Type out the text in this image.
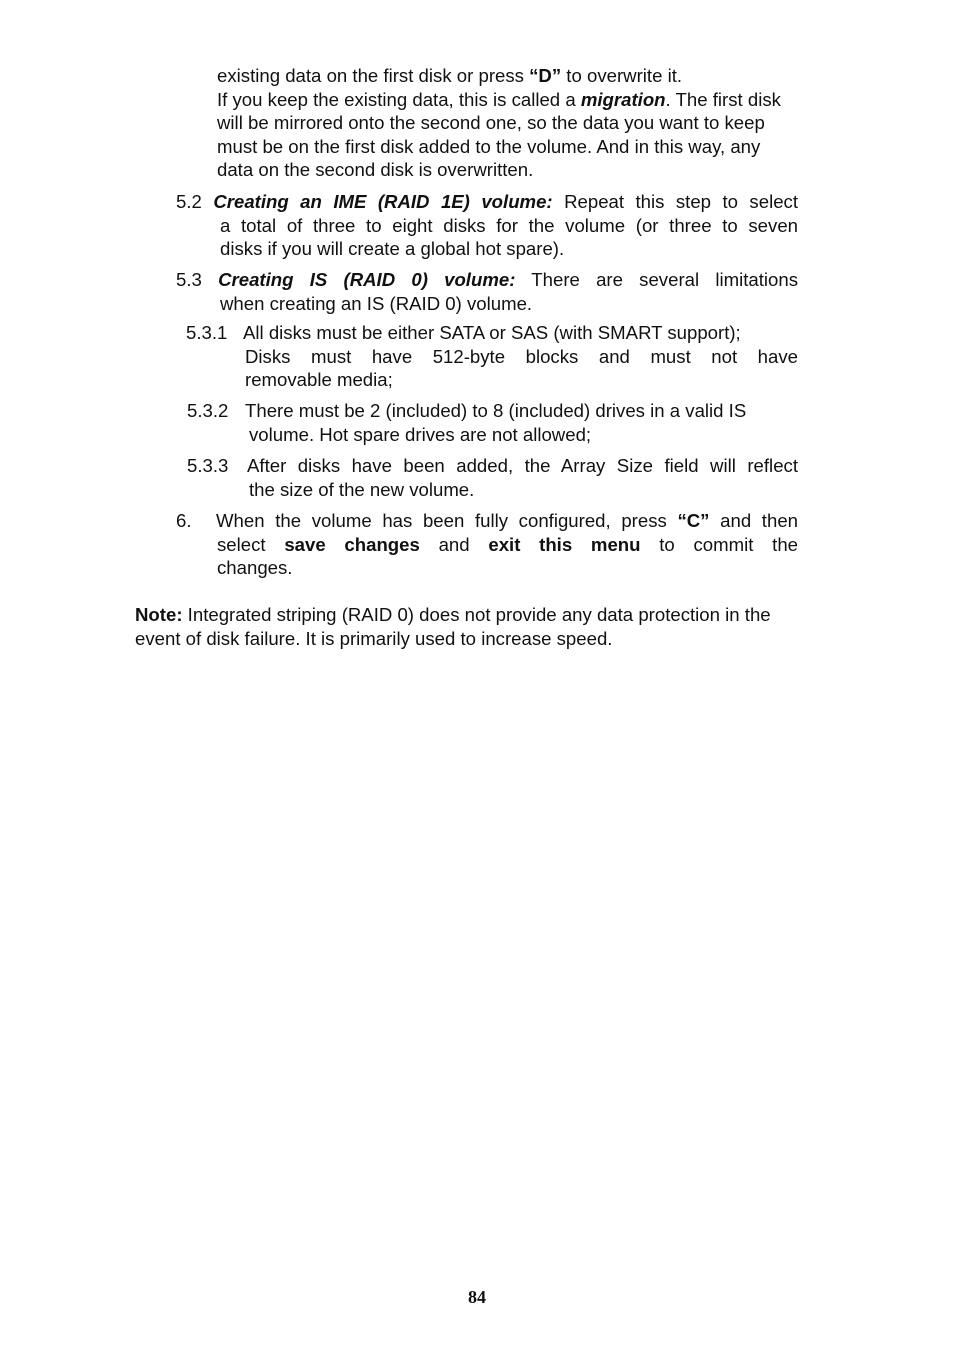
existing data on the first disk or press “D” to overwrite it.
If you keep the existing data, this is called a migration. The first disk
will be mirrored onto the second one, so the data you want to keep
must be on the first disk added to the volume. And in this way, any
data on the second disk is overwritten.
5.2 Creating an IME (RAID 1E) volume: Repeat this step to select
a total of three to eight disks for the volume (or three to seven
disks if you will create a global hot spare).
5.3 Creating IS (RAID 0) volume: There are several limitations
when creating an IS (RAID 0) volume.
5.3.1 All disks must be either SATA or SAS (with SMART support);
Disks must have 512-byte blocks and must not have
removable media;
5.3.2 There must be 2 (included) to 8 (included) drives in a valid IS
volume. Hot spare drives are not allowed;
5.3.3 After disks have been added, the Array Size field will reflect
the size of the new volume.
6. When the volume has been fully configured, press “C” and then
select save changes and exit this menu to commit the
changes.
Note: Integrated striping (RAID 0) does not provide any data protection in the
event of disk failure. It is primarily used to increase speed.
84
